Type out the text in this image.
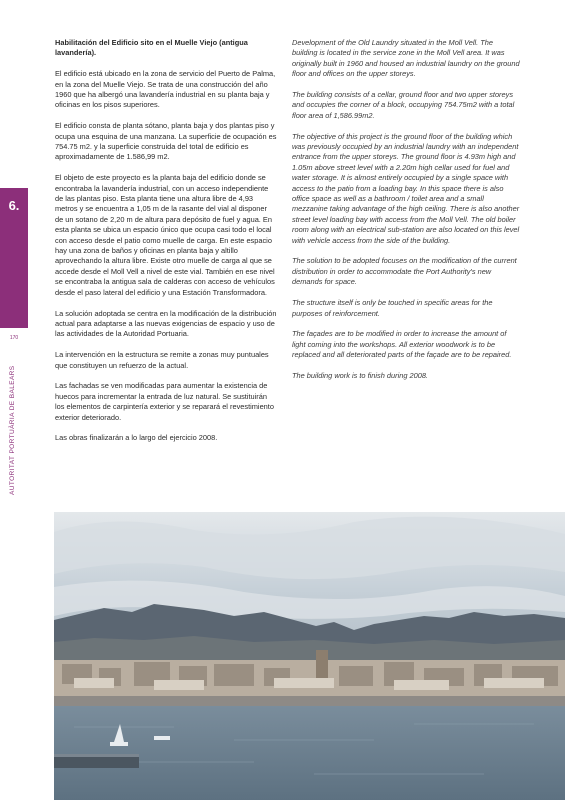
6.
170
AUTORITAT PORTUÀRIA DE BALEARS

Habilitación del Edificio sito en el Muelle Viejo (antigua lavandería).

El edificio está ubicado en la zona de servicio del Puerto de Palma, en la zona del Muelle Viejo. Se trata de una construcción del año 1960 que ha albergó una lavandería industrial en su planta baja y oficinas en los pisos superiores.

El edificio consta de planta sótano, planta baja y dos plantas piso y ocupa una esquina de una manzana. La superficie de ocupación es 754.75 m2. y la superficie construida del total de edificio es aproximadamente de 1.586,99 m2.

El objeto de este proyecto es la planta baja del edificio donde se encontraba la lavandería industrial, con un acceso independiente de las plantas piso. Esta planta tiene una altura libre de 4,93 metros y se encuentra a 1,05 m de la rasante del vial al disponer de un sotano de 2,20 m de altura para depósito de fuel y agua. En esta planta se ubica un espacio único que ocupa casi todo el local con acceso desde el patio como muelle de carga. En este espacio hay una zona de baños y oficinas en planta baja y altillo aprovechando la altura libre. Existe otro muelle de carga al que se accede desde el Moll Vell a nivel de este vial. También en ese nivel se encontraba la antigua sala de calderas con acceso de vehículos desde el paso lateral del edificio y una Estación Transformadora.

La solución adoptada se centra en la modificación de la distribución actual para adaptarse a las nuevas exigencias de espacio y uso de las actividades de la Autoridad Portuaria.

La intervención en la estructura se remite a zonas muy puntuales que constituyen un refuerzo de la actual.

Las fachadas se ven modificadas para aumentar la existencia de huecos para incrementar la entrada de luz natural. Se sustituirán los elementos de carpintería exterior y se reparará el revestimiento exterior deteriorado.

Las obras finalizarán a lo largo del ejercicio 2008.

Development of the Old Laundry situated in the Moll Vell. The building is located in the service zone in the Moll Vell area. It was originally built in 1960 and housed an industrial laundry on the ground floor and offices on the upper storeys.

The building consists of a cellar, ground floor and two upper storeys and occupies the corner of a block, occupying 754.75m2 with a total floor area of 1,586.99m2.

The objective of this project is the ground floor of the building which was previously occupied by an industrial laundry with an independent entrance from the upper storeys. The ground floor is 4.93m high and 1.05m above street level with a 2.20m high cellar used for fuel and water storage. It is almost entirely occupied by a single space with access to the patio from a loading bay. In this space there is also office space as well as a bathroom / toilet area and a small mezzanine taking advantage of the high ceiling. There is also another street level loading bay with access from the Moll Vell. The old boiler room along with an electrical sub-station are also located on this level with vehicle access from the side of the building.

The solution to be adopted focuses on the modification of the current distribution in order to accommodate the Port Authority's new demands for space.

The structure itself is only be touched in specific areas for the purposes of reinforcement.

The façades are to be modified in order to increase the amount of light coming into the workshops. All exterior woodwork is to be replaced and all deteriorated parts of the façade are to be repaired.

The building work is to finish during 2008.
